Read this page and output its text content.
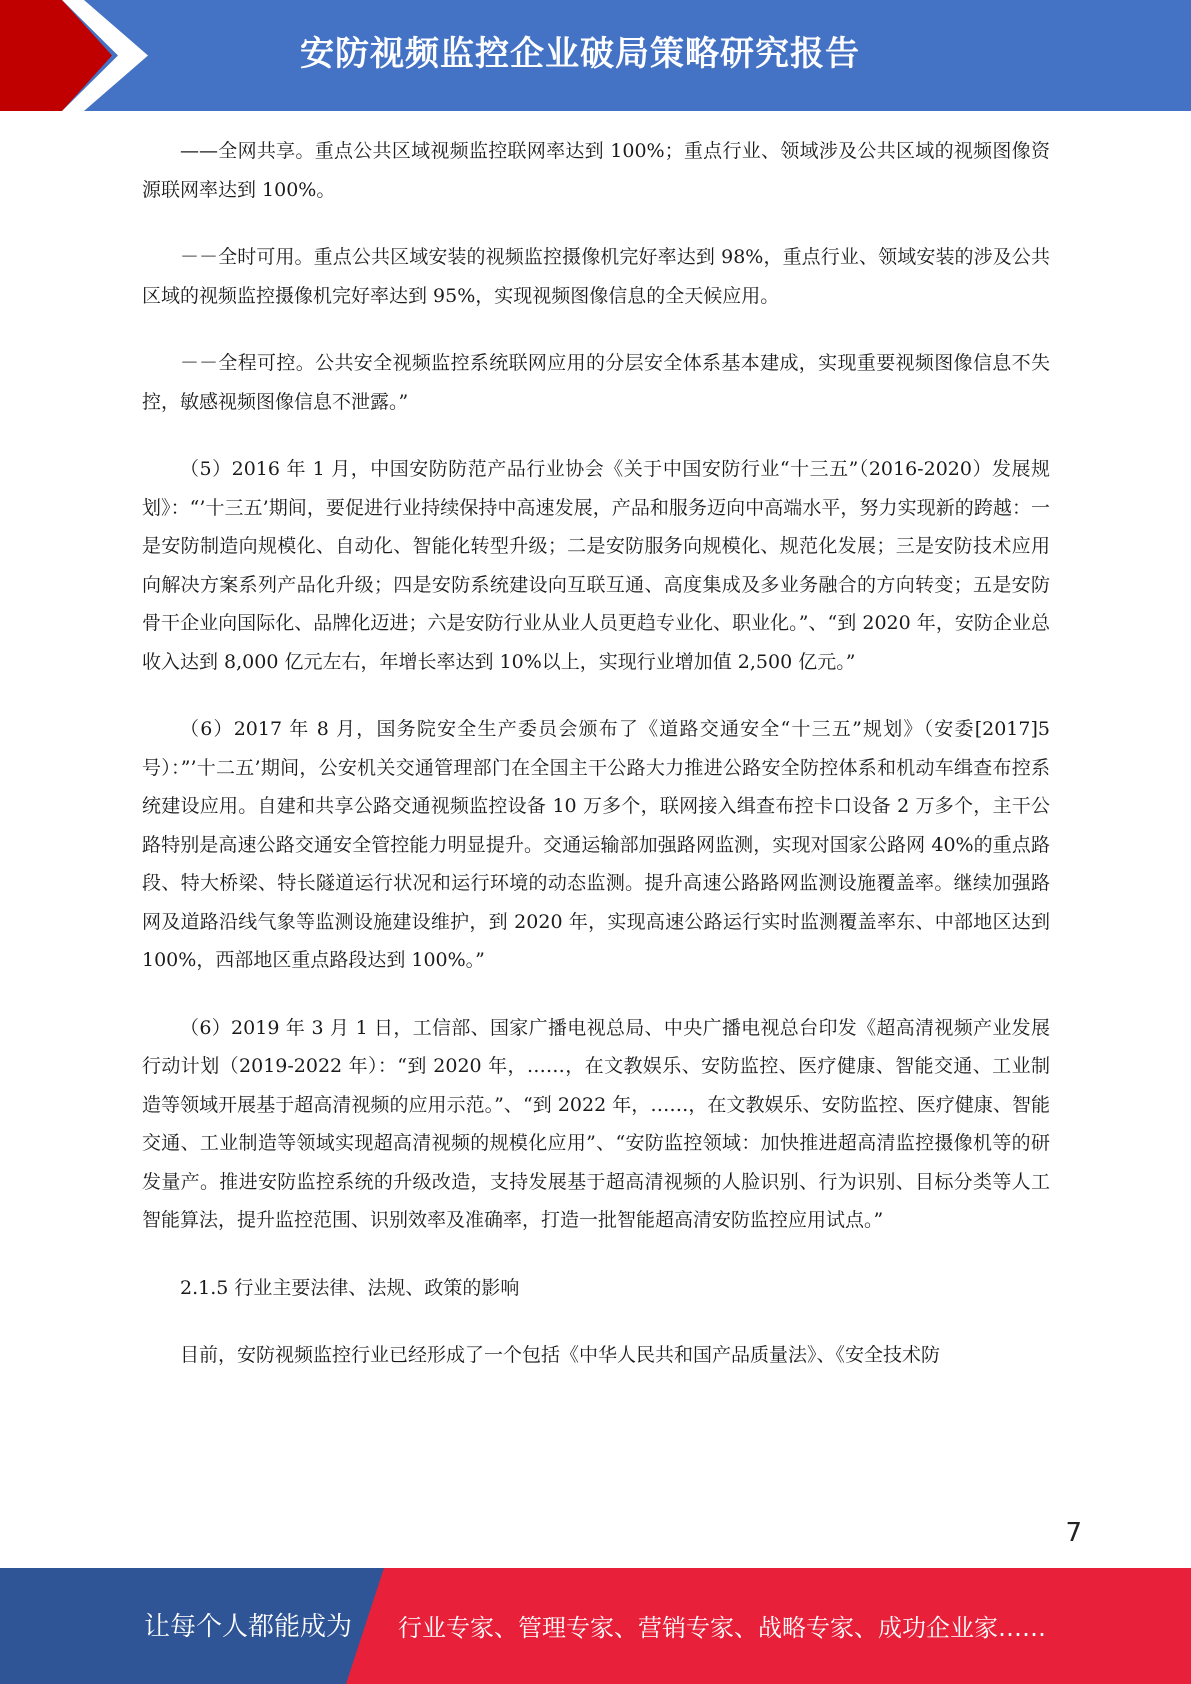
安防视频监控企业破局策略研究报告

——全网共享。重点公共区域视频监控联网率达到 100%；重点行业、领域涉及公共区域的视频图像资源联网率达到 100%。

－－全时可用。重点公共区域安装的视频监控摄像机完好率达到 98%，重点行业、领域安装的涉及公共区域的视频监控摄像机完好率达到 95%，实现视频图像信息的全天候应用。

－－全程可控。公共安全视频监控系统联网应用的分层安全体系基本建成，实现重要视频图像信息不失控，敏感视频图像信息不泄露。”

（5）2016 年 1 月，中国安防防范产品行业协会《关于中国安防行业“十三五”（2016-2020）发展规划》：“’十三五’期间，要促进行业持续保持中高速发展，产品和服务迈向中高端水平，努力实现新的跨越：一是安防制造向规模化、自动化、智能化转型升级；二是安防服务向规模化、规范化发展；三是安防技术应用向解决方案系列产品化升级；四是安防系统建设向互联互通、高度集成及多业务融合的方向转变；五是安防骨干企业向国际化、品牌化迈进；六是安防行业从业人员更趋专业化、职业化。”、“到 2020 年，安防企业总收入达到 8,000 亿元左右，年增长率达到 10%以上，实现行业增加值 2,500 亿元。”

（6）2017 年 8 月，国务院安全生产委员会颁布了《道路交通安全“十三五”规划》（安委[2017]5 号）：”’十二五’期间，公安机关交通管理部门在全国主干公路大力推进公路安全防控体系和机动车缉查布控系统建设应用。自建和共享公路交通视频监控设备 10 万多个，联网接入缉查布控卡口设备 2 万多个，主干公路特别是高速公路交通安全管控能力明显提升。交通运输部加强路网监测，实现对国家公路网 40%的重点路段、特大桥梁、特长隧道运行状况和运行环境的动态监测。提升高速公路路网监测设施覆盖率。继续加强路网及道路沿线气象等监测设施建设维护，到 2020 年，实现高速公路运行实时监测覆盖率东、中部地区达到 100%，西部地区重点路段达到 100%。”

（6）2019 年 3 月 1 日，工信部、国家广播电视总局、中央广播电视总台印发《超高清视频产业发展行动计划（2019-2022 年）：“到 2020 年，……，在文教娱乐、安防监控、医疗健康、智能交通、工业制造等领域开展基于超高清视频的应用示范。”、“到 2022 年，……，在文教娱乐、安防监控、医疗健康、智能交通、工业制造等领域实现超高清视频的规模化应用”、“安防监控领域：加快推进超高清监控摄像机等的研发量产。推进安防监控系统的升级改造，支持发展基于超高清视频的人脸识别、行为识别、目标分类等人工智能算法，提升监控范围、识别效率及准确率，打造一批智能超高清安防监控应用试点。”

2.1.5 行业主要法律、法规、政策的影响

目前，安防视频监控行业已经形成了一个包括《中华人民共和国产品质量法》、《安全技术防

7
让每个人都能成为 行业专家、管理专家、营销专家、战略专家、成功企业家……
